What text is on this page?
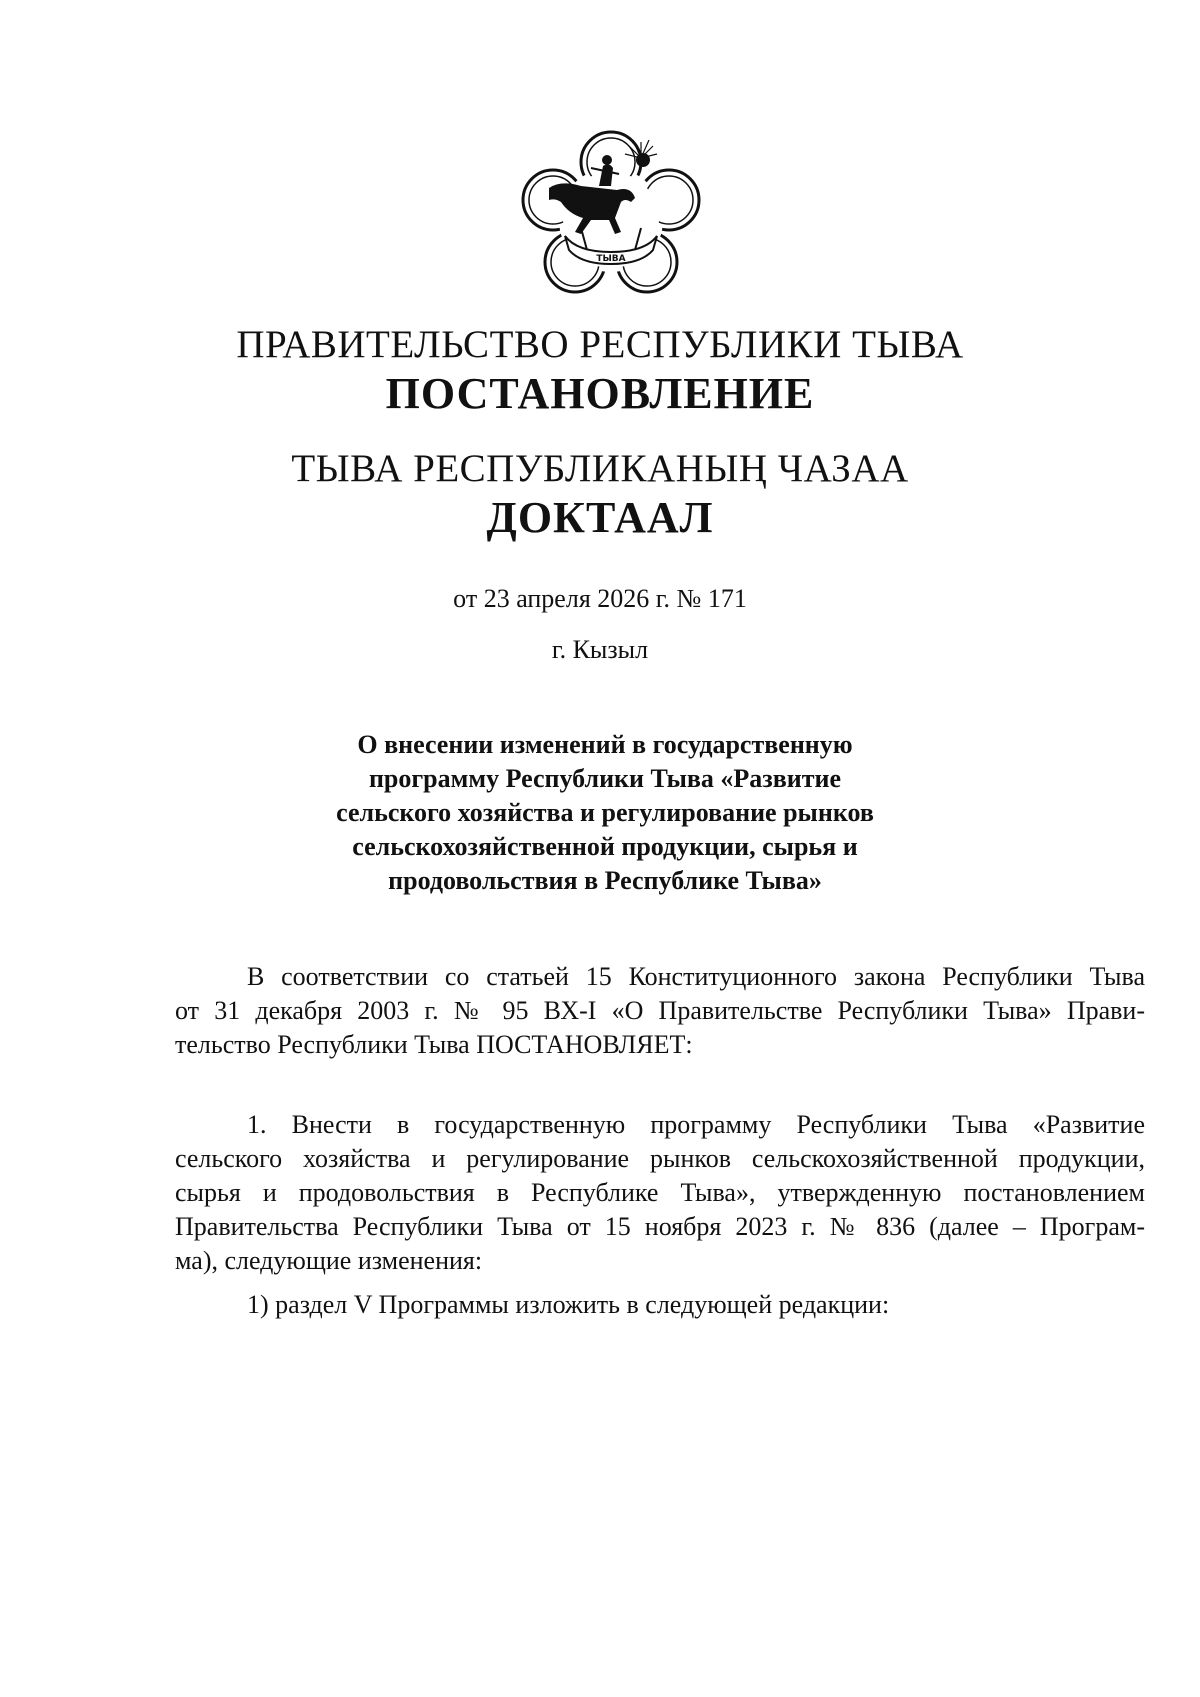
ТЫВА
ПРАВИТЕЛЬСТВО РЕСПУБЛИКИ ТЫВА
ПОСТАНОВЛЕНИЕ
ТЫВА РЕСПУБЛИКАНЫҢ ЧАЗАА
ДОКТААЛ
от 23 апреля 2026 г. № 171
г. Кызыл
О внесении изменений в государственную
программу Республики Тыва «Развитие
сельского хозяйства и регулирование рынков
сельскохозяйственной продукции, сырья и
продовольствия в Республике Тыва»
В соответствии со статьей 15 Конституционного закона Республики Тыва
от 31 декабря 2003 г. № 95 ВХ-I «О Правительстве Республики Тыва» Прави-
тельство Республики Тыва ПОСТАНОВЛЯЕТ:
1. Внести в государственную программу Республики Тыва «Развитие
сельского хозяйства и регулирование рынков сельскохозяйственной продукции,
сырья и продовольствия в Республике Тыва», утвержденную постановлением
Правительства Республики Тыва от 15 ноября 2023 г. № 836 (далее – Програм-
ма), следующие изменения:
1) раздел V Программы изложить в следующей редакции:
